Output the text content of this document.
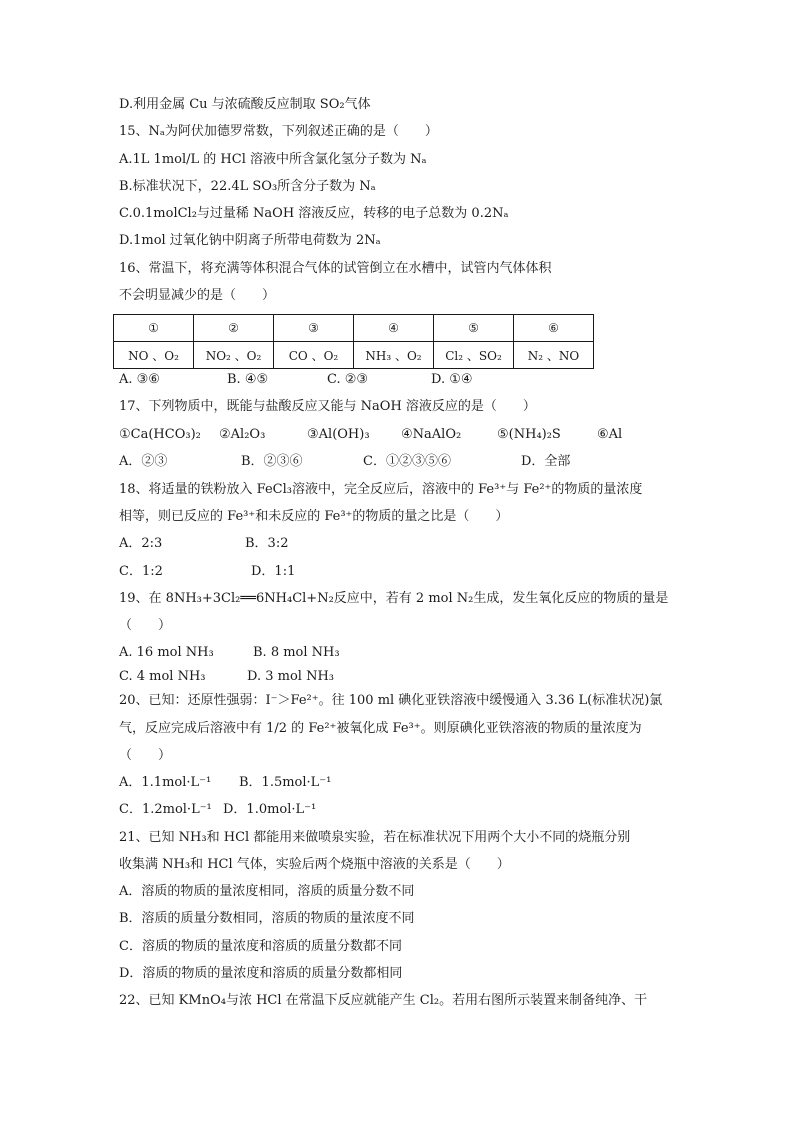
D.利用金属 Cu 与浓硫酸反应制取 SO₂气体
15、Nₐ为阿伏加德罗常数，下列叙述正确的是（　　）
A.1L 1mol/L 的 HCl 溶液中所含氯化氢分子数为 Nₐ
B.标准状况下，22.4L SO₃所含分子数为 Nₐ
C.0.1molCl₂与过量稀 NaOH 溶液反应，转移的电子总数为 0.2Nₐ
D.1mol 过氧化钠中阴离子所带电荷数为 2Nₐ
16、常温下，将充满等体积混合气体的试管倒立在水槽中，试管内气体体积
不会明显减少的是（　　）
①	②	③	④	⑤	⑥
NO 、O₂	NO₂ 、O₂	CO 、O₂	NH₃ 、O₂	Cl₂ 、SO₂	N₂ 、NO
A. ③⑥	B. ④⑤	C. ②③	D. ①④
17、下列物质中，既能与盐酸反应又能与 NaOH 溶液反应的是（　　）
①Ca(HCO₃)₂ ②Al₂O₃	③Al(OH)₃ ④NaAlO₂	⑤(NH₄)₂S	⑥Al
A．②③	B．②③⑥	C．①②③⑤⑥	D．全部
18、将适量的铁粉放入 FeCl₃溶液中，完全反应后，溶液中的 Fe³⁺与 Fe²⁺的物质的量浓度
相等，则已反应的 Fe³⁺和未反应的 Fe³⁺的物质的量之比是（　　）
A．2:3	B．3:2
C．1:2	D．1:1
19、在 8NH₃+3Cl₂══6NH₄Cl+N₂反应中，若有 2 mol N₂生成，发生氧化反应的物质的量是
（　　）
A. 16 mol NH₃	B. 8 mol NH₃
C. 4 mol NH₃	D. 3 mol NH₃
20、已知：还原性强弱：I⁻＞Fe²⁺。往 100 ml 碘化亚铁溶液中缓慢通入 3.36 L(标准状况)氯
气，反应完成后溶液中有 1/2 的 Fe²⁺被氧化成 Fe³⁺。则原碘化亚铁溶液的物质的量浓度为
（　　）
A．1.1mol·L⁻¹ B．1.5mol·L⁻¹
C．1.2mol·L⁻¹ D．1.0mol·L⁻¹
21、已知 NH₃和 HCl 都能用来做喷泉实验，若在标准状况下用两个大小不同的烧瓶分别
收集满 NH₃和 HCl 气体，实验后两个烧瓶中溶液的关系是（　　）
A．溶质的物质的量浓度相同，溶质的质量分数不同
B．溶质的质量分数相同，溶质的物质的量浓度不同
C．溶质的物质的量浓度和溶质的质量分数都不同
D．溶质的物质的量浓度和溶质的质量分数都相同
22、已知 KMnO₄与浓 HCl 在常温下反应就能产生 Cl₂。若用右图所示装置来制备纯净、干
